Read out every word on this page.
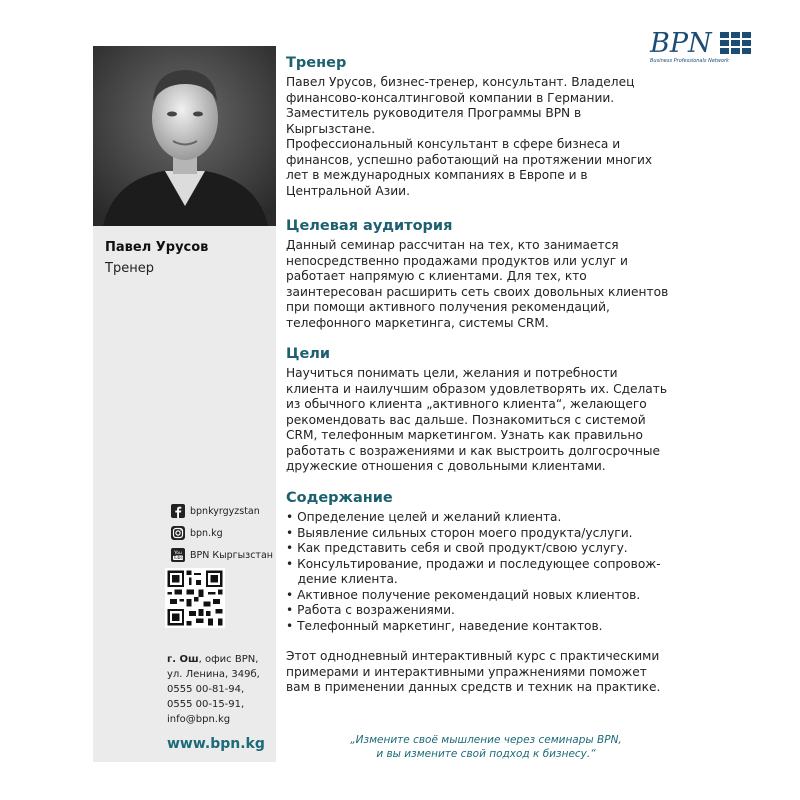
BPN
Business Professionals Network
Павел Урусов
Тренер
bpnkyrgyzstan
bpn.kg
You
Tube BPN Кыргызстан
г. Ош, офис BPN,
ул. Ленина, 349б,
0555 00-81-94,
0555 00-15-91,
info@bpn.kg
www.bpn.kg
Тренер
Павел Урусов, бизнес-тренер, консультант. Владелец
финансово-консалтинговой компании в Германии.
Заместитель руководителя Программы BPN в
Кыргызстане.
Профессиональный консультант в сфере бизнеса и
финансов, успешно работающий на протяжении многих
лет в международных компаниях в Европе и в
Центральной Азии.
Целевая аудитория
Данный семинар рассчитан на тех, кто занимается
непосредственно продажами продуктов или услуг и
работает напрямую с клиентами. Для тех, кто
заинтересован расширить сеть своих довольных клиентов
при помощи активного получения рекомендаций,
телефонного маркетинга, системы CRM.
Цели
Научиться понимать цели, желания и потребности
клиента и наилучшим образом удовлетворять их. Сделать
из обычного клиента „активного клиента“, желающего
рекомендовать вас дальше. Познакомиться с системой
CRM, телефонным маркетингом. Узнать как правильно
работать с возражениями и как выстроить долгосрочные
дружеские отношения с довольными клиентами.
Содержание
• Определение целей и желаний клиента.
• Выявление сильных сторон моего продукта/услуги.
• Как представить себя и свой продукт/свою услугу.
• Консультирование, продажи и последующее сопровож-
дение клиента.
• Активное получение рекомендаций новых клиентов.
• Работа с возражениями.
• Телефонный маркетинг, наведение контактов.
Этот однодневный интерактивный курс с практическими
примерами и интерактивными упражнениями поможет
вам в применении данных средств и техник на практике.
„Измените своё мышление через семинары BPN,
и вы измените свой подход к бизнесу.“
